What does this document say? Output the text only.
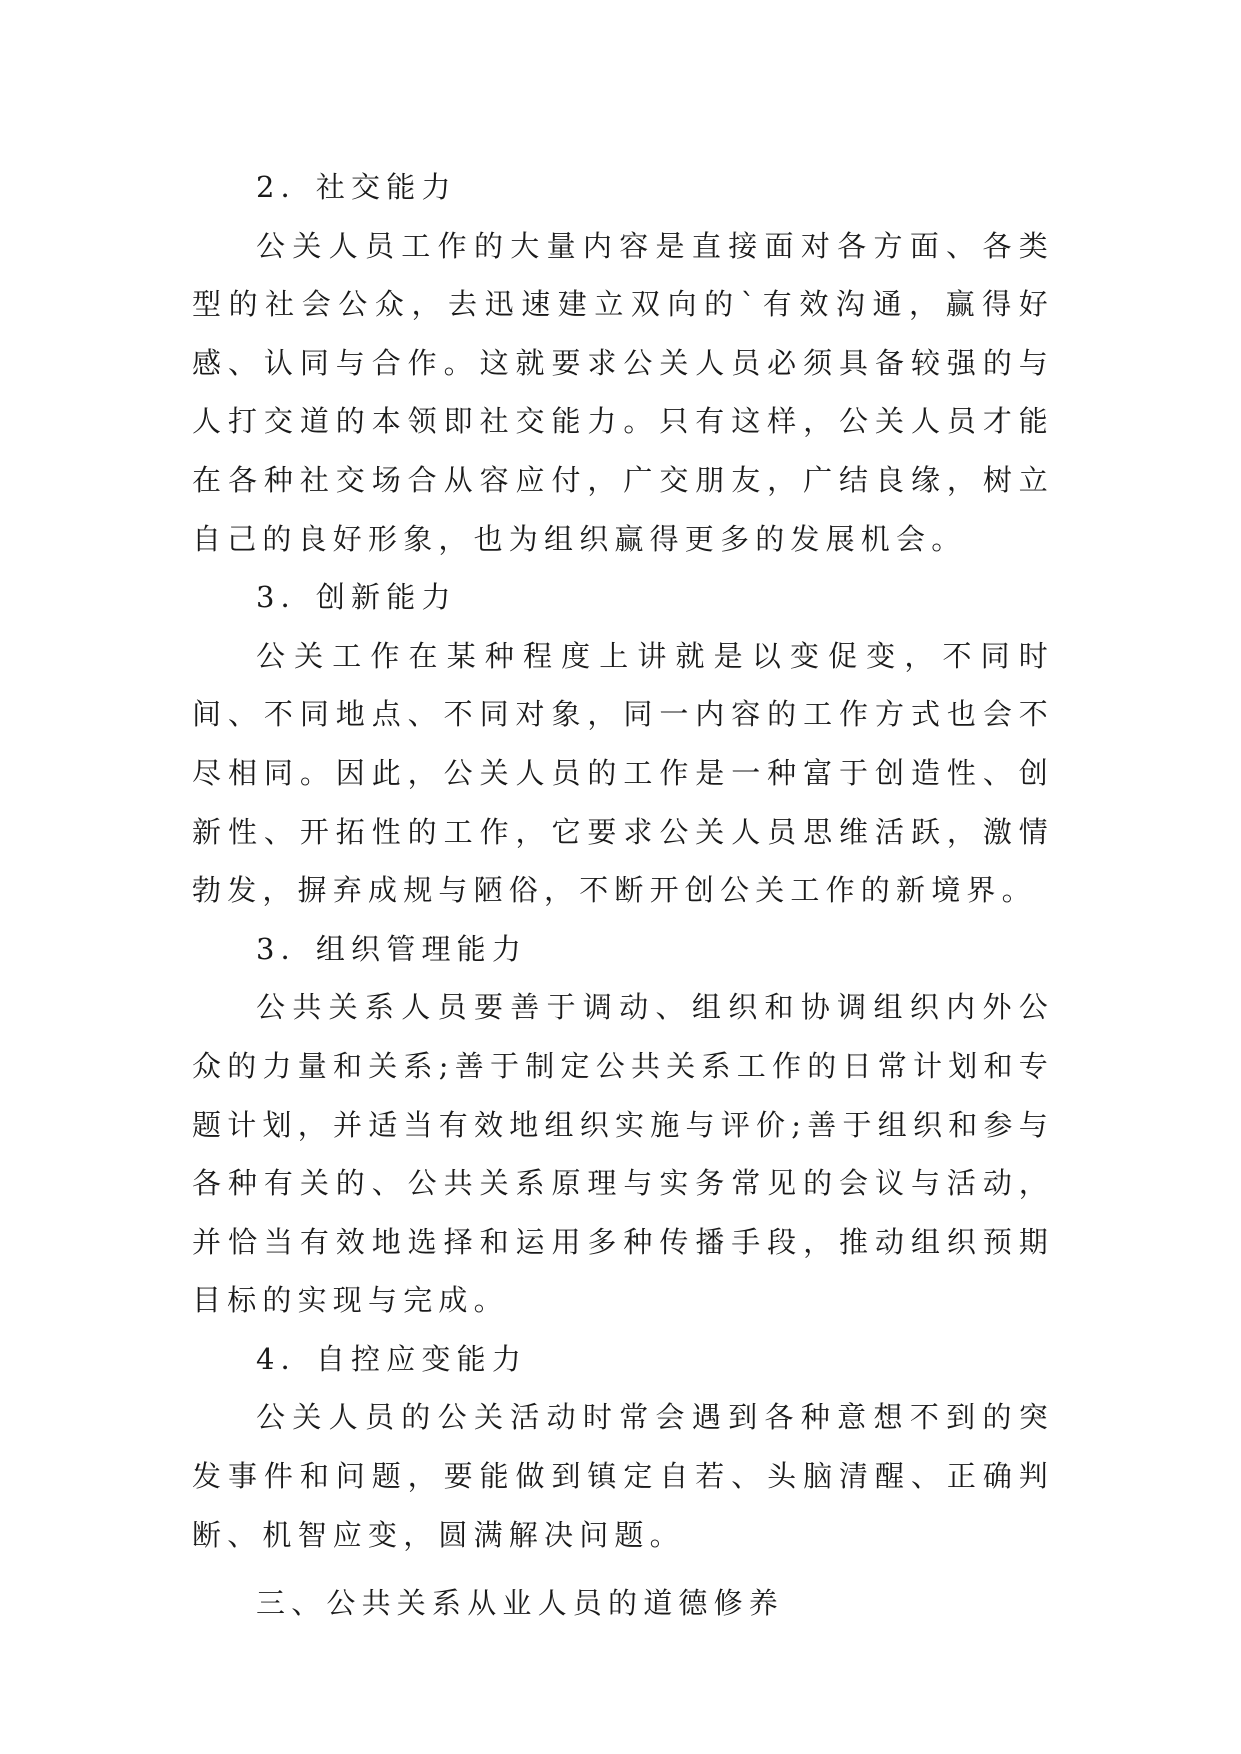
2．社交能力

公关人员工作的大量内容是直接面对各方面、各类型的社会公众，去迅速建立双向的`有效沟通，赢得好感、认同与合作。这就要求公关人员必须具备较强的与人打交道的本领即社交能力。只有这样，公关人员才能在各种社交场合从容应付，广交朋友，广结良缘，树立自己的良好形象，也为组织赢得更多的发展机会。

3．创新能力

公关工作在某种程度上讲就是以变促变，不同时间、不同地点、不同对象，同一内容的工作方式也会不尽相同。因此，公关人员的工作是一种富于创造性、创新性、开拓性的工作，它要求公关人员思维活跃，激情勃发，摒弃成规与陋俗，不断开创公关工作的新境界。

3．组织管理能力

公共关系人员要善于调动、组织和协调组织内外公众的力量和关系;善于制定公共关系工作的日常计划和专题计划，并适当有效地组织实施与评价;善于组织和参与各种有关的、公共关系原理与实务常见的会议与活动，并恰当有效地选择和运用多种传播手段，推动组织预期目标的实现与完成。

4．自控应变能力

公关人员的公关活动时常会遇到各种意想不到的突发事件和问题，要能做到镇定自若、头脑清醒、正确判断、机智应变，圆满解决问题。

三、公共关系从业人员的道德修养
